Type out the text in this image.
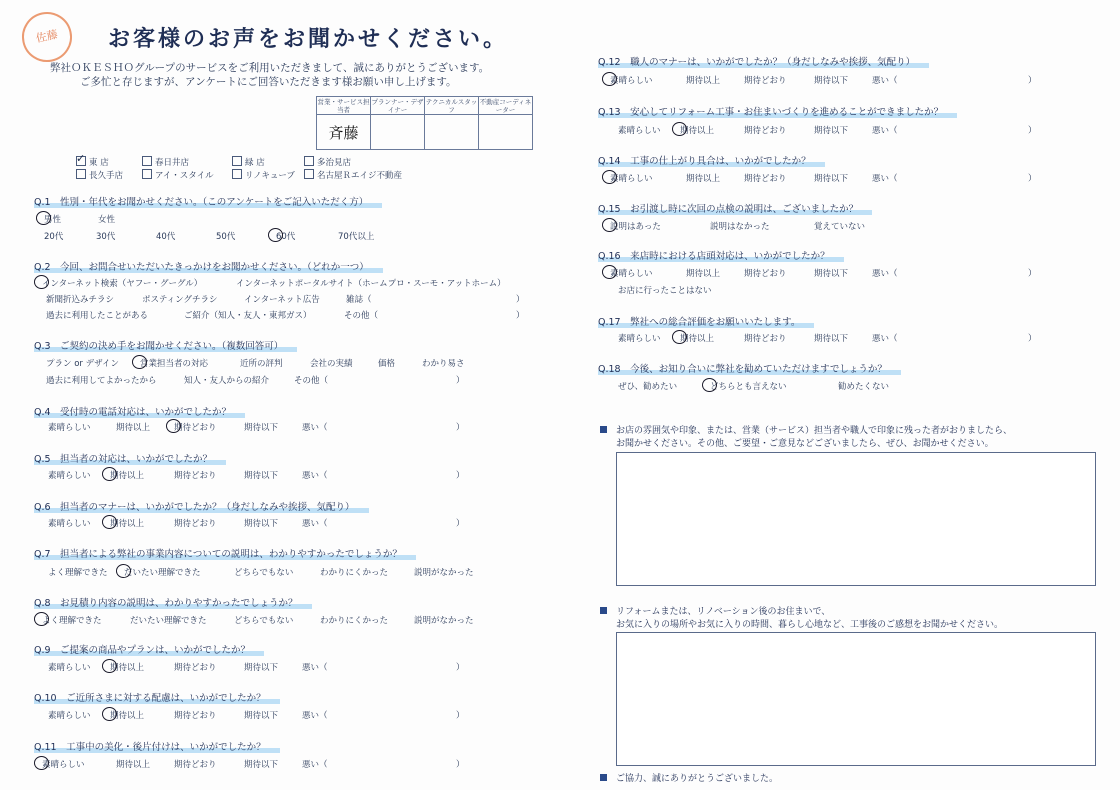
佐藤	お客様のお声をお聞かせください。
弊社ＯＫＥＳＨＯグループのサービスをご利用いただきまして、誠にありがとうございます。
ご多忙と存じますが、アンケートにご回答いただきます様お願い申し上げます。
営業・サービス担当者	プランナー・デザイナー	テクニカルスタッフ	不動産コーディネーター
斉藤			
✓東 店	春日井店	緑 店	多治見店
長久手店	アイ・スタイル	リノキューブ	名古屋Ｒエイジ不動産
Q.1　性別・年代をお聞かせください。（このアンケートをご記入いただく方）
男性	女性
20代	30代	40代	50代	60代	70代以上
Q.2　今回、お問合せいただいたきっかけをお聞かせください。（どれか一つ）
インターネット検索（ヤフー・グーグル）	インターネットポータルサイト（ホームプロ・スーモ・アットホーム）
新聞折込みチラシ	ポスティングチラシ	インターネット広告	雑誌（	）
過去に利用したことがある	ご紹介（知人・友人・東邦ガス）	その他（	）
Q.3　ご契約の決め手をお聞かせください。（複数回答可）
プラン or デザイン 営業担当者の対応	近所の評判	会社の実績	価格	わかり易さ
過去に利用してよかったから	知人・友人からの紹介	その他（	）
Q.4　受付時の電話対応は、いかがでしたか？
素晴らしい	期待以上	期待どおり	期待以下	悪い（	）
Q.5　担当者の対応は、いかがでしたか？
素晴らしい 期待以上	期待どおり	期待以下	悪い（	）
Q.6　担当者のマナーは、いかがでしたか？（身だしなみや挨拶、気配り）
素晴らしい 期待以上	期待どおり	期待以下	悪い（	）
Q.7　担当者による弊社の事業内容についての説明は、わかりやすかったでしょうか？
よく理解できた だいたい理解できた	どちらでもない	わかりにくかった	説明がなかった
Q.8　お見積り内容の説明は、わかりやすかったでしょうか？
よく理解できた	だいたい理解できた	どちらでもない	わかりにくかった	説明がなかった
Q.9　ご提案の商品やプランは、いかがでしたか？
素晴らしい 期待以上	期待どおり	期待以下	悪い（	）
Q.10　ご近所さまに対する配慮は、いかがでしたか？
素晴らしい 期待以上	期待どおり	期待以下	悪い（	）
Q.11　工事中の美化・後片付けは、いかがでしたか？
素晴らしい	期待以上	期待どおり	期待以下	悪い（	）
Q.12　職人のマナーは、いかがでしたか？（身だしなみや挨拶、気配り）
素晴らしい	期待以上	期待どおり	期待以下	悪い（	）
Q.13　安心してリフォーム工事・お住まいづくりを進めることができましたか？
素晴らしい 期待以上	期待どおり	期待以下	悪い（	）
Q.14　工事の仕上がり具合は、いかがでしたか？
素晴らしい	期待以上	期待どおり	期待以下	悪い（	）
Q.15　お引渡し時に次回の点検の説明は、ございましたか？
説明はあった	説明はなかった	覚えていない
Q.16　来店時における店頭対応は、いかがでしたか？
素晴らしい	期待以上	期待どおり	期待以下	悪い（	）
お店に行ったことはない
Q.17　弊社への総合評価をお願いいたします。
素晴らしい 期待以上	期待どおり	期待以下	悪い（	）
Q.18　今後、お知り合いに弊社を勧めていただけますでしょうか？
ぜひ、勧めたい	どちらとも言えない	勧めたくない
お店の雰囲気や印象、または、営業（サービス）担当者や職人で印象に残った者がおりましたら、
お聞かせください。その他、ご要望・ご意見などございましたら、ぜひ、お聞かせください。
リフォームまたは、リノベーション後のお住まいで、
お気に入りの場所やお気に入りの時間、暮らし心地など、工事後のご感想をお聞かせください。
ご協力、誠にありがとうございました。
